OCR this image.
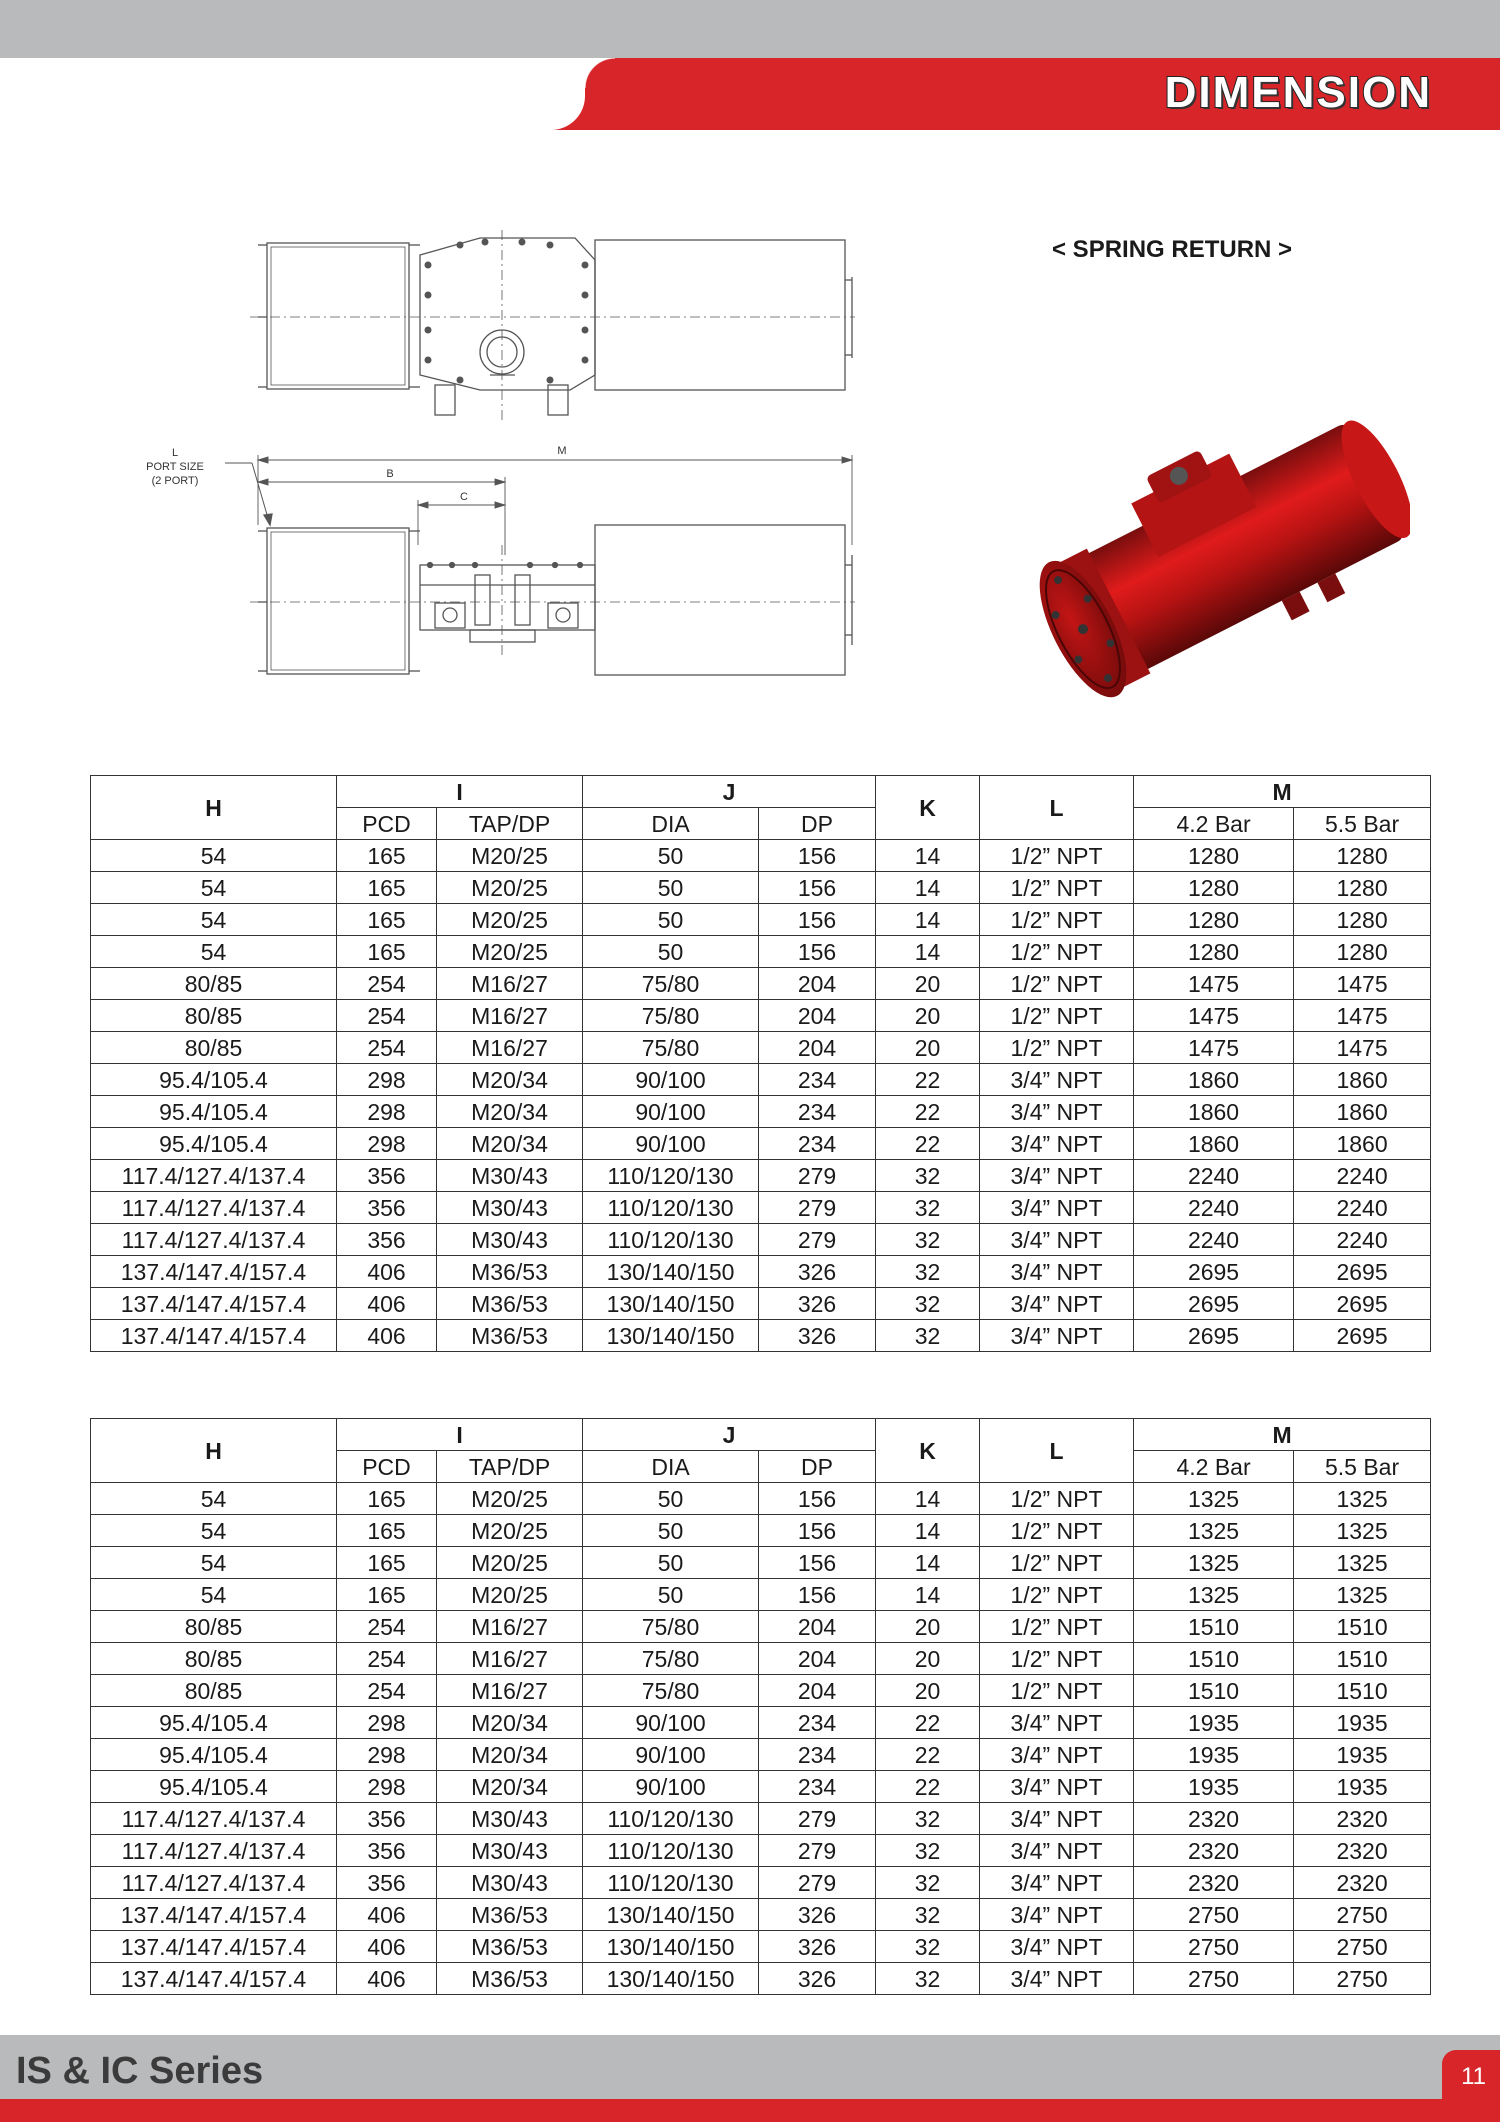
DIMENSION
< SPRING RETURN >
L
PORT SIZE
(2 PORT)
M
B
C
H	I		J		K	L	M	
	PCD	TAP/DP	DIA	DP			4.2 Bar	5.5 Bar
54	165	M20/25	50	156	14	1/2” NPT	1280	1280
54	165	M20/25	50	156	14	1/2” NPT	1280	1280
54	165	M20/25	50	156	14	1/2” NPT	1280	1280
54	165	M20/25	50	156	14	1/2” NPT	1280	1280
80/85	254	M16/27	75/80	204	20	1/2” NPT	1475	1475
80/85	254	M16/27	75/80	204	20	1/2” NPT	1475	1475
80/85	254	M16/27	75/80	204	20	1/2” NPT	1475	1475
95.4/105.4	298	M20/34	90/100	234	22	3/4” NPT	1860	1860
95.4/105.4	298	M20/34	90/100	234	22	3/4” NPT	1860	1860
95.4/105.4	298	M20/34	90/100	234	22	3/4” NPT	1860	1860
117.4/127.4/137.4	356	M30/43	110/120/130	279	32	3/4” NPT	2240	2240
117.4/127.4/137.4	356	M30/43	110/120/130	279	32	3/4” NPT	2240	2240
117.4/127.4/137.4	356	M30/43	110/120/130	279	32	3/4” NPT	2240	2240
137.4/147.4/157.4	406	M36/53	130/140/150	326	32	3/4” NPT	2695	2695
137.4/147.4/157.4	406	M36/53	130/140/150	326	32	3/4” NPT	2695	2695
137.4/147.4/157.4	406	M36/53	130/140/150	326	32	3/4” NPT	2695	2695
H	I		J		K	L	M	
	PCD	TAP/DP	DIA	DP			4.2 Bar	5.5 Bar
54	165	M20/25	50	156	14	1/2” NPT	1325	1325
54	165	M20/25	50	156	14	1/2” NPT	1325	1325
54	165	M20/25	50	156	14	1/2” NPT	1325	1325
54	165	M20/25	50	156	14	1/2” NPT	1325	1325
80/85	254	M16/27	75/80	204	20	1/2” NPT	1510	1510
80/85	254	M16/27	75/80	204	20	1/2” NPT	1510	1510
80/85	254	M16/27	75/80	204	20	1/2” NPT	1510	1510
95.4/105.4	298	M20/34	90/100	234	22	3/4” NPT	1935	1935
95.4/105.4	298	M20/34	90/100	234	22	3/4” NPT	1935	1935
95.4/105.4	298	M20/34	90/100	234	22	3/4” NPT	1935	1935
117.4/127.4/137.4	356	M30/43	110/120/130	279	32	3/4” NPT	2320	2320
117.4/127.4/137.4	356	M30/43	110/120/130	279	32	3/4” NPT	2320	2320
117.4/127.4/137.4	356	M30/43	110/120/130	279	32	3/4” NPT	2320	2320
137.4/147.4/157.4	406	M36/53	130/140/150	326	32	3/4” NPT	2750	2750
137.4/147.4/157.4	406	M36/53	130/140/150	326	32	3/4” NPT	2750	2750
137.4/147.4/157.4	406	M36/53	130/140/150	326	32	3/4” NPT	2750	2750
IS & IC Series	11
